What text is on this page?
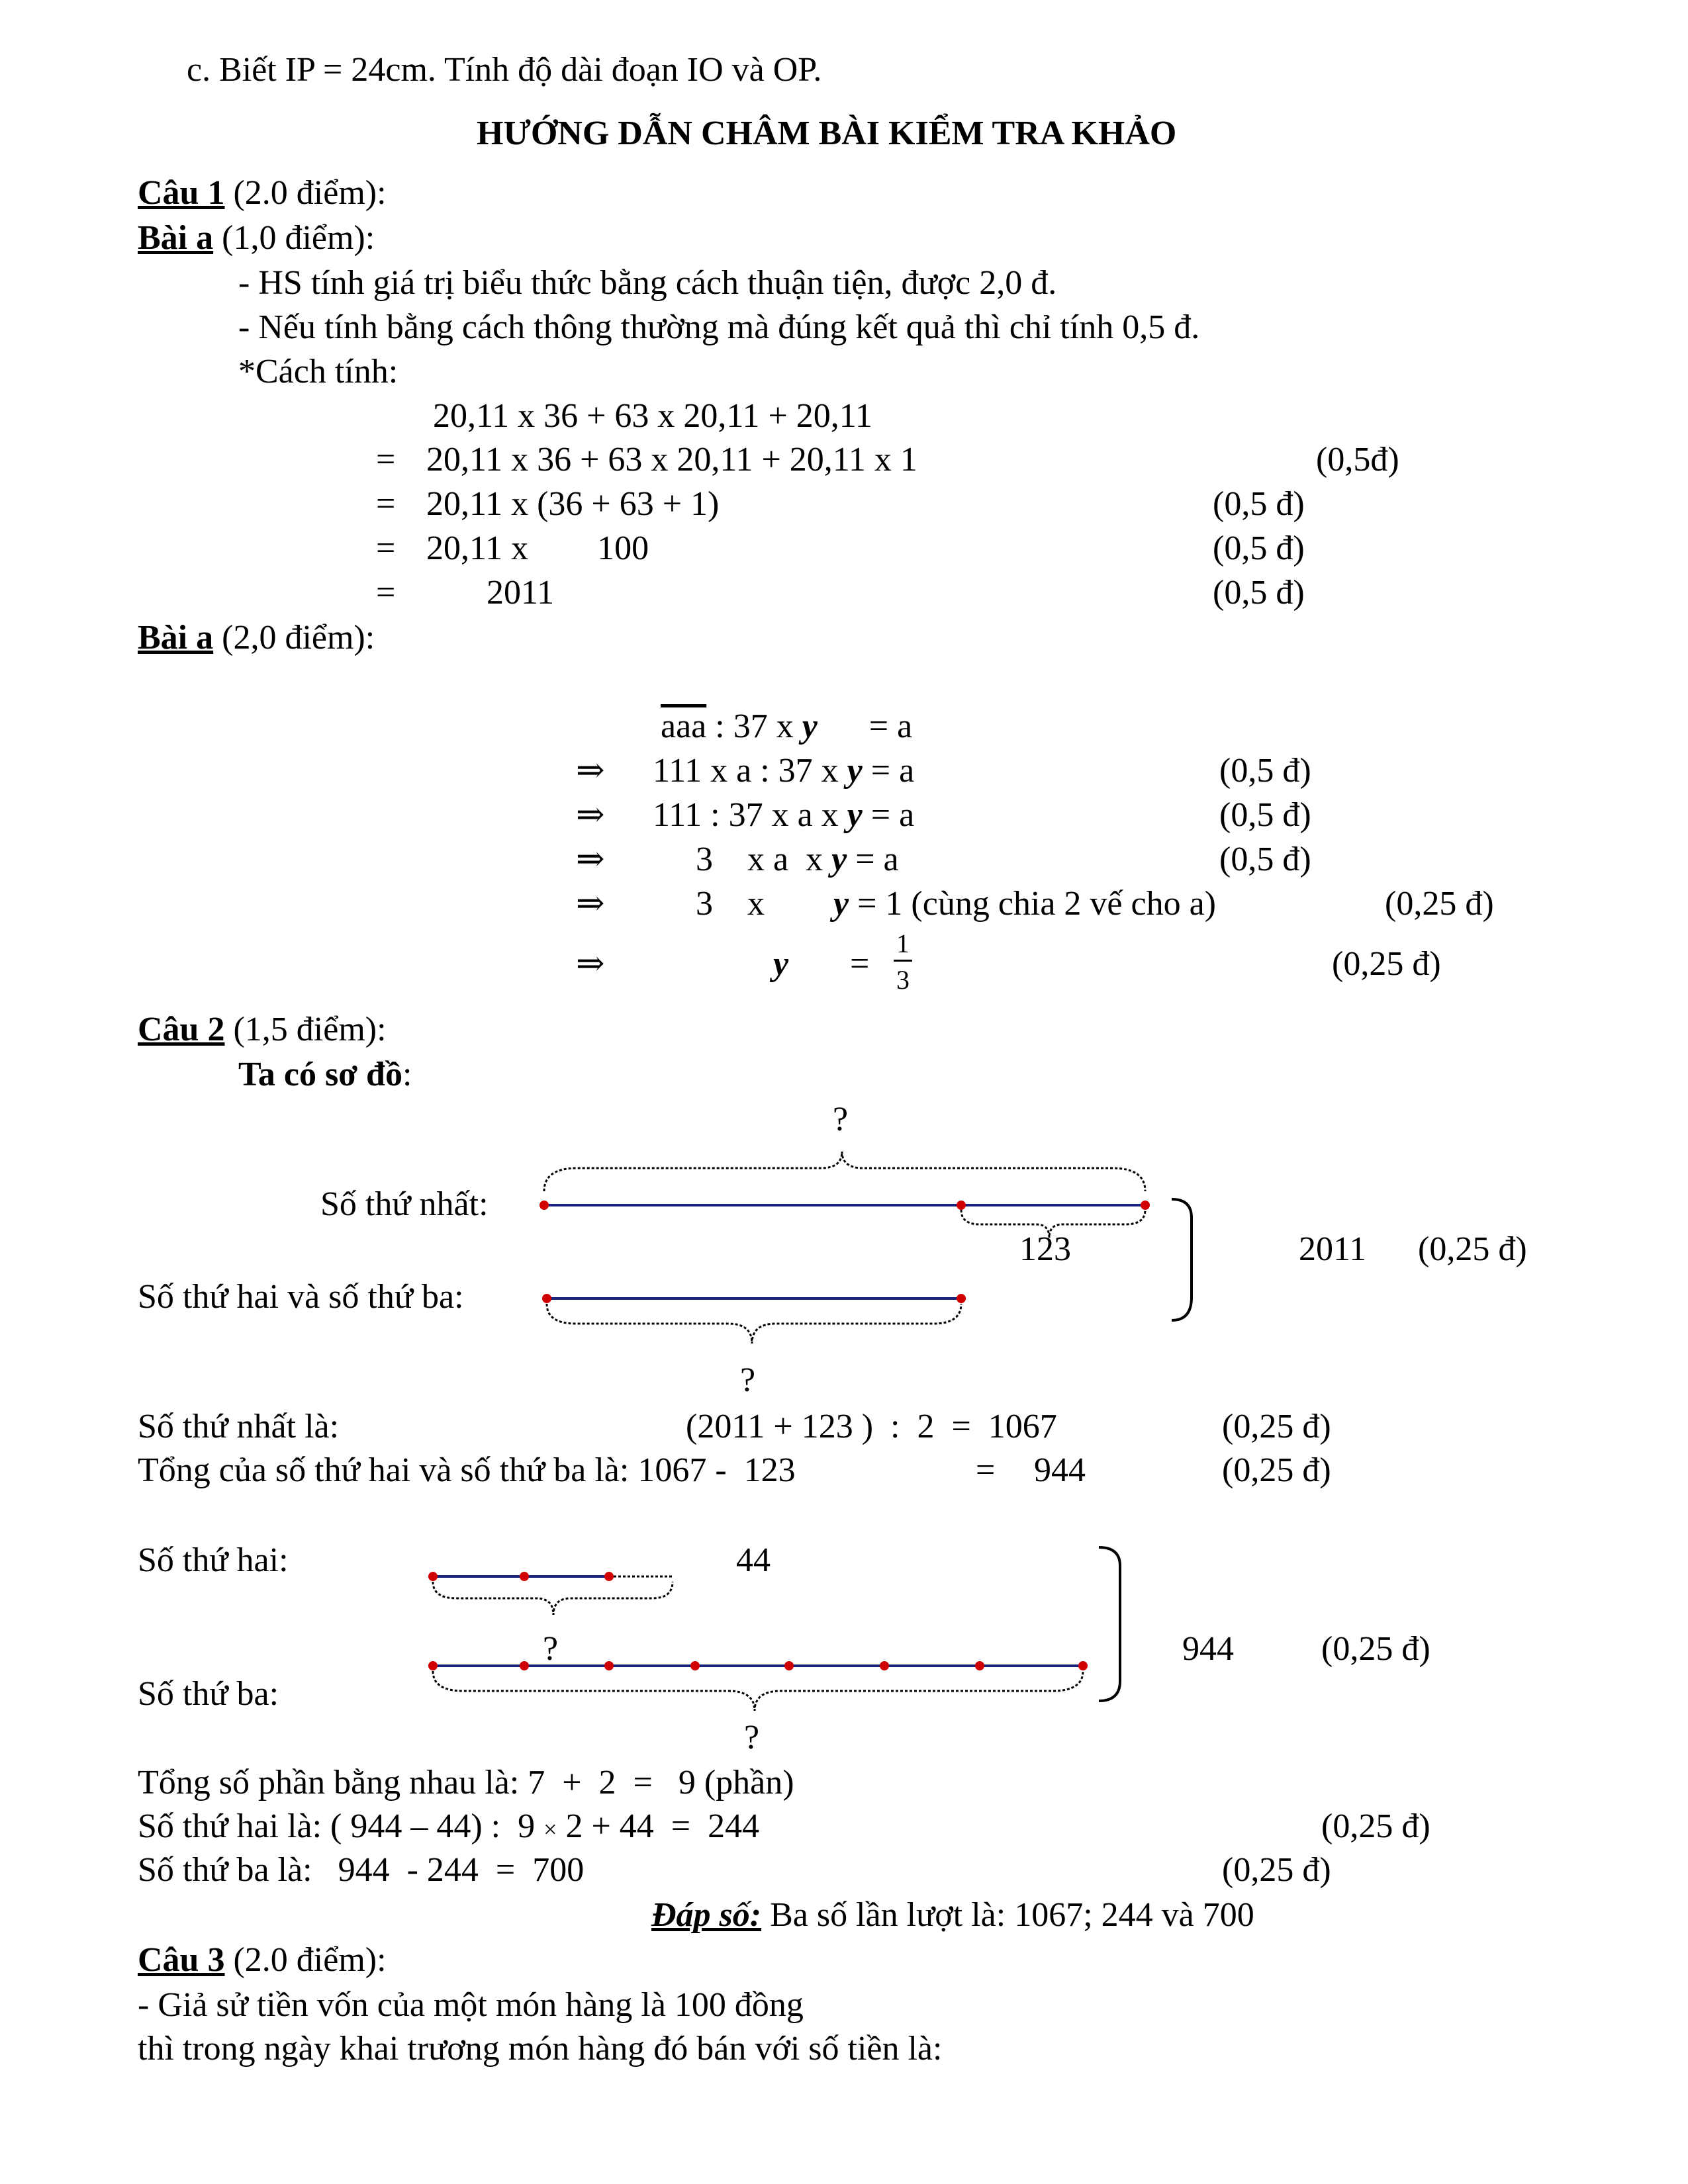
c. Biết IP = 24cm. Tính độ dài đoạn IO và OP.
HƯỚNG DẪN CHÂM BÀI KIỂM TRA KHẢO
Câu 1 (2.0 điểm):
Bài a (1,0 điểm):
- HS tính giá trị biểu thức bằng cách thuận tiện, được 2,0 đ.
- Nếu tính bằng cách thông thường mà đúng kết quả thì chỉ tính 0,5 đ.
*Cách tính:
20,11 x 36 + 63 x 20,11 + 20,11
= 20,11 x 36 + 63 x 20,11 + 20,11 x 1	(0,5đ)
= 20,11 x (36 + 63 + 1)	(0,5 đ)
= 20,11 x        100	(0,5 đ)
= 2011	(0,5 đ)
Bài a (2,0 điểm):
$\overline{aaa}$ : 37 x y      = a
⇒ 111 x a : 37 x y = a	(0,5 đ)
⇒ 111 : 37 x a x y = a	(0,5 đ)
⇒ 3    x a  x y = a	(0,5 đ)
⇒ 3    x        y = 1 (cùng chia 2 vế cho a)	(0,25 đ)
⇒	$y = \frac{1}{3}$	(0,25 đ)
Câu 2 (1,5 điểm):
Ta có sơ đồ:
?
Số thứ nhất:
123	2011 (0,25 đ)
Số thứ hai và số thứ ba:
?
Số thứ nhất là:	(2011 + 123 )  :  2  =  1067	(0,25 đ)
Tổng của số thứ hai và số thứ ba là: 1067 -  123	= 944	(0,25 đ)
Số thứ hai:	44
?	944	(0,25 đ)
Số thứ ba:
?
Tổng số phần bằng nhau là: 7  +  2  =   9 (phần)
Số thứ hai là: ( 944 – 44) :  9 × 2 + 44  =  244	(0,25 đ)
Số thứ ba là:   944  - 244  =  700	(0,25 đ)
Đáp số: Ba số lần lượt là: 1067; 244 và 700
Câu 3 (2.0 điểm):
- Giả sử tiền vốn của một món hàng là 100 đồng
thì trong ngày khai trương món hàng đó bán với số tiền là:
